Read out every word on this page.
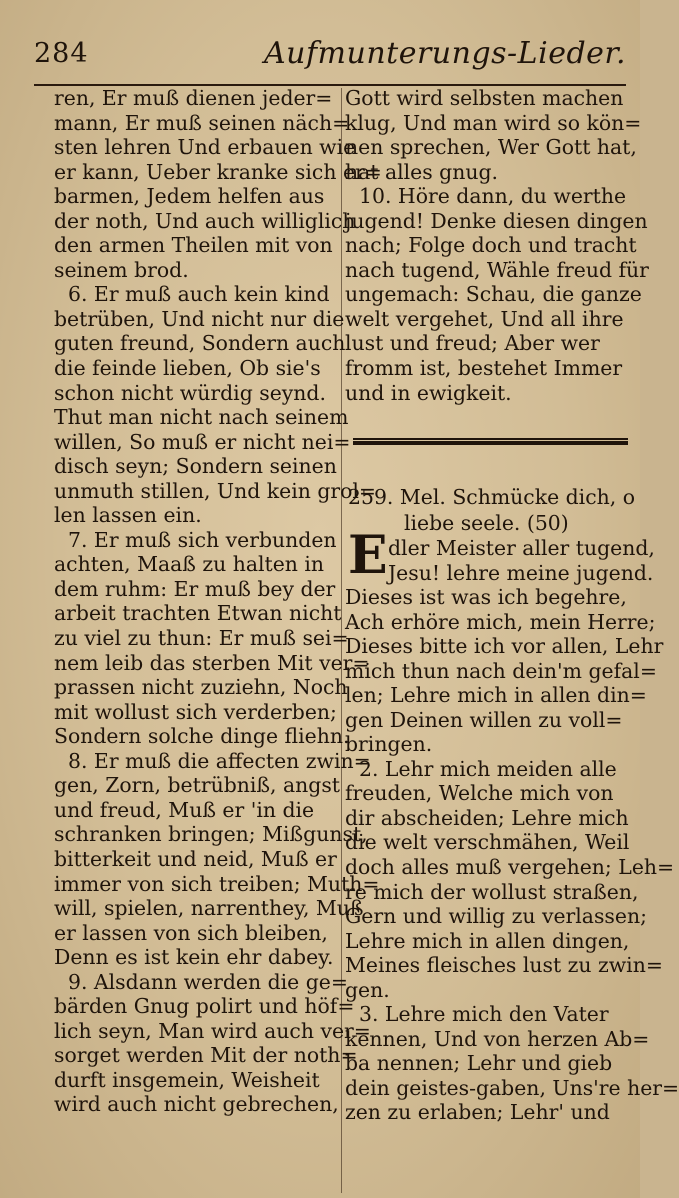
284	Aufmunterungs-Lieder.
ren, Er muß dienen jeder=
mann, Er muß seinen näch=
sten lehren Und erbauen wie
er kann, Ueber kranke sich er=
barmen, Jedem helfen aus
der noth, Und auch williglich
den armen Theilen mit von
seinem brod.
6. Er muß auch kein kind
betrüben, Und nicht nur die
guten freund, Sondern auch
die feinde lieben, Ob sie's
schon nicht würdig seynd.
Thut man nicht nach seinem
willen, So muß er nicht nei=
disch seyn; Sondern seinen
unmuth stillen, Und kein grol=
len lassen ein.
7. Er muß sich verbunden
achten, Maaß zu halten in
dem ruhm: Er muß bey der
arbeit trachten Etwan nicht
zu viel zu thun: Er muß sei=
nem leib das sterben Mit ver=
prassen nicht zuziehn, Noch
mit wollust sich verderben;
Sondern solche dinge fliehn.
8. Er muß die affecten zwin=
gen, Zorn, betrübniß, angst
und freud, Muß er 'in die
schranken bringen; Mißgunst,
bitterkeit und neid, Muß er
immer von sich treiben; Muth=
will, spielen, narrenthey, Muß
er lassen von sich bleiben,
Denn es ist kein ehr dabey.
9. Alsdann werden die ge=
bärden Gnug polirt und höf=
lich seyn, Man wird auch ver=
sorget werden Mit der noth=
durft insgemein, Weisheit
wird auch nicht gebrechen,
Gott wird selbsten machen
klug, Und man wird so kön=
nen sprechen, Wer Gott hat,
hat alles gnug.
10. Höre dann, du werthe
jugend! Denke diesen dingen
nach; Folge doch und tracht
nach tugend, Wähle freud für
ungemach: Schau, die ganze
welt vergehet, Und all ihre
lust und freud; Aber wer
fromm ist, bestehet Immer
und in ewigkeit.
259. Mel. Schmücke dich, o
liebe seele. (50)
E dler Meister aller tugend,
Jesu! lehre meine jugend.
Dieses ist was ich begehre,
Ach erhöre mich, mein Herre;
Dieses bitte ich vor allen, Lehr
mich thun nach dein'm gefal=
len; Lehre mich in allen din=
gen Deinen willen zu voll=
bringen.
2. Lehr mich meiden alle
freuden, Welche mich von
dir abscheiden; Lehre mich
die welt verschmähen, Weil
doch alles muß vergehen; Leh=
re mich der wollust straßen,
Gern und willig zu verlassen;
Lehre mich in allen dingen,
Meines fleisches lust zu zwin=
gen.
3. Lehre mich den Vater
kennen, Und von herzen Ab=
ba nennen; Lehr und gieb
dein geistes-gaben, Uns're her=
zen zu erlaben; Lehr' und
